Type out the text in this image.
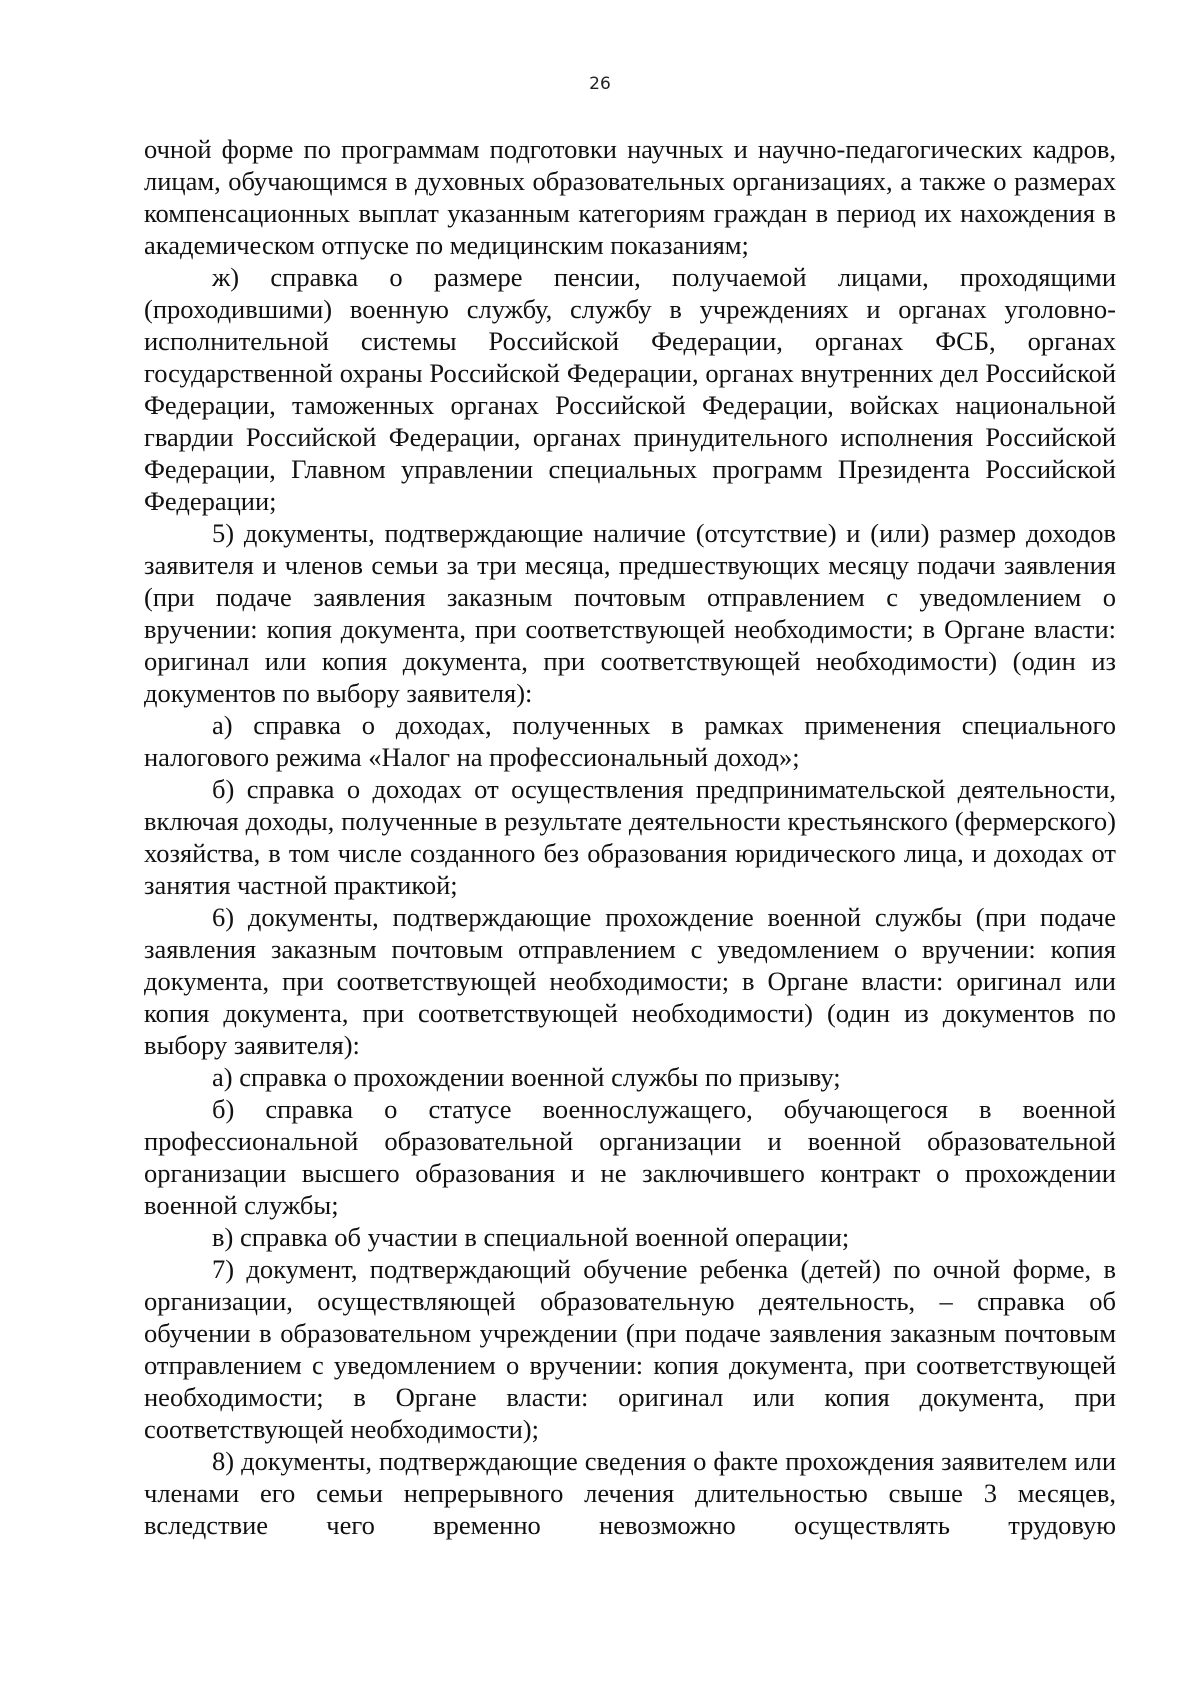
26

очной форме по программам подготовки научных и научно-педагогических кадров, лицам, обучающимся в духовных образовательных организациях, а также о размерах компенсационных выплат указанным категориям граждан в период их нахождения в академическом отпуске по медицинским показаниям;

ж) справка о размере пенсии, получаемой лицами, проходящими (проходившими) военную службу, службу в учреждениях и органах уголовно-исполнительной системы Российской Федерации, органах ФСБ, органах государственной охраны Российской Федерации, органах внутренних дел Российской Федерации, таможенных органах Российской Федерации, войсках национальной гвардии Российской Федерации, органах принудительного исполнения Российской Федерации, Главном управлении специальных программ Президента Российской Федерации;

5) документы, подтверждающие наличие (отсутствие) и (или) размер доходов заявителя и членов семьи за три месяца, предшествующих месяцу подачи заявления (при подаче заявления заказным почтовым отправлением с уведомлением о вручении: копия документа, при соответствующей необходимости; в Органе власти: оригинал или копия документа, при соответствующей необходимости) (один из документов по выбору заявителя):

а) справка о доходах, полученных в рамках применения специального налогового режима «Налог на профессиональный доход»;

б) справка о доходах от осуществления предпринимательской деятельности, включая доходы, полученные в результате деятельности крестьянского (фермерского) хозяйства, в том числе созданного без образования юридического лица, и доходах от занятия частной практикой;

6) документы, подтверждающие прохождение военной службы (при подаче заявления заказным почтовым отправлением с уведомлением о вручении: копия документа, при соответствующей необходимости; в Органе власти: оригинал или копия документа, при соответствующей необходимости) (один из документов по выбору заявителя):

а) справка о прохождении военной службы по призыву;

б) справка о статусе военнослужащего, обучающегося в военной профессиональной образовательной организации и военной образовательной организации высшего образования и не заключившего контракт о прохождении военной службы;

в) справка об участии в специальной военной операции;

7) документ, подтверждающий обучение ребенка (детей) по очной форме, в организации, осуществляющей образовательную деятельность, – справка об обучении в образовательном учреждении (при подаче заявления заказным почтовым отправлением с уведомлением о вручении: копия документа, при соответствующей необходимости; в Органе власти: оригинал или копия документа, при соответствующей необходимости);

8) документы, подтверждающие сведения о факте прохождения заявителем или членами его семьи непрерывного лечения длительностью свыше 3 месяцев, вследствие чего временно невозможно осуществлять трудовую
